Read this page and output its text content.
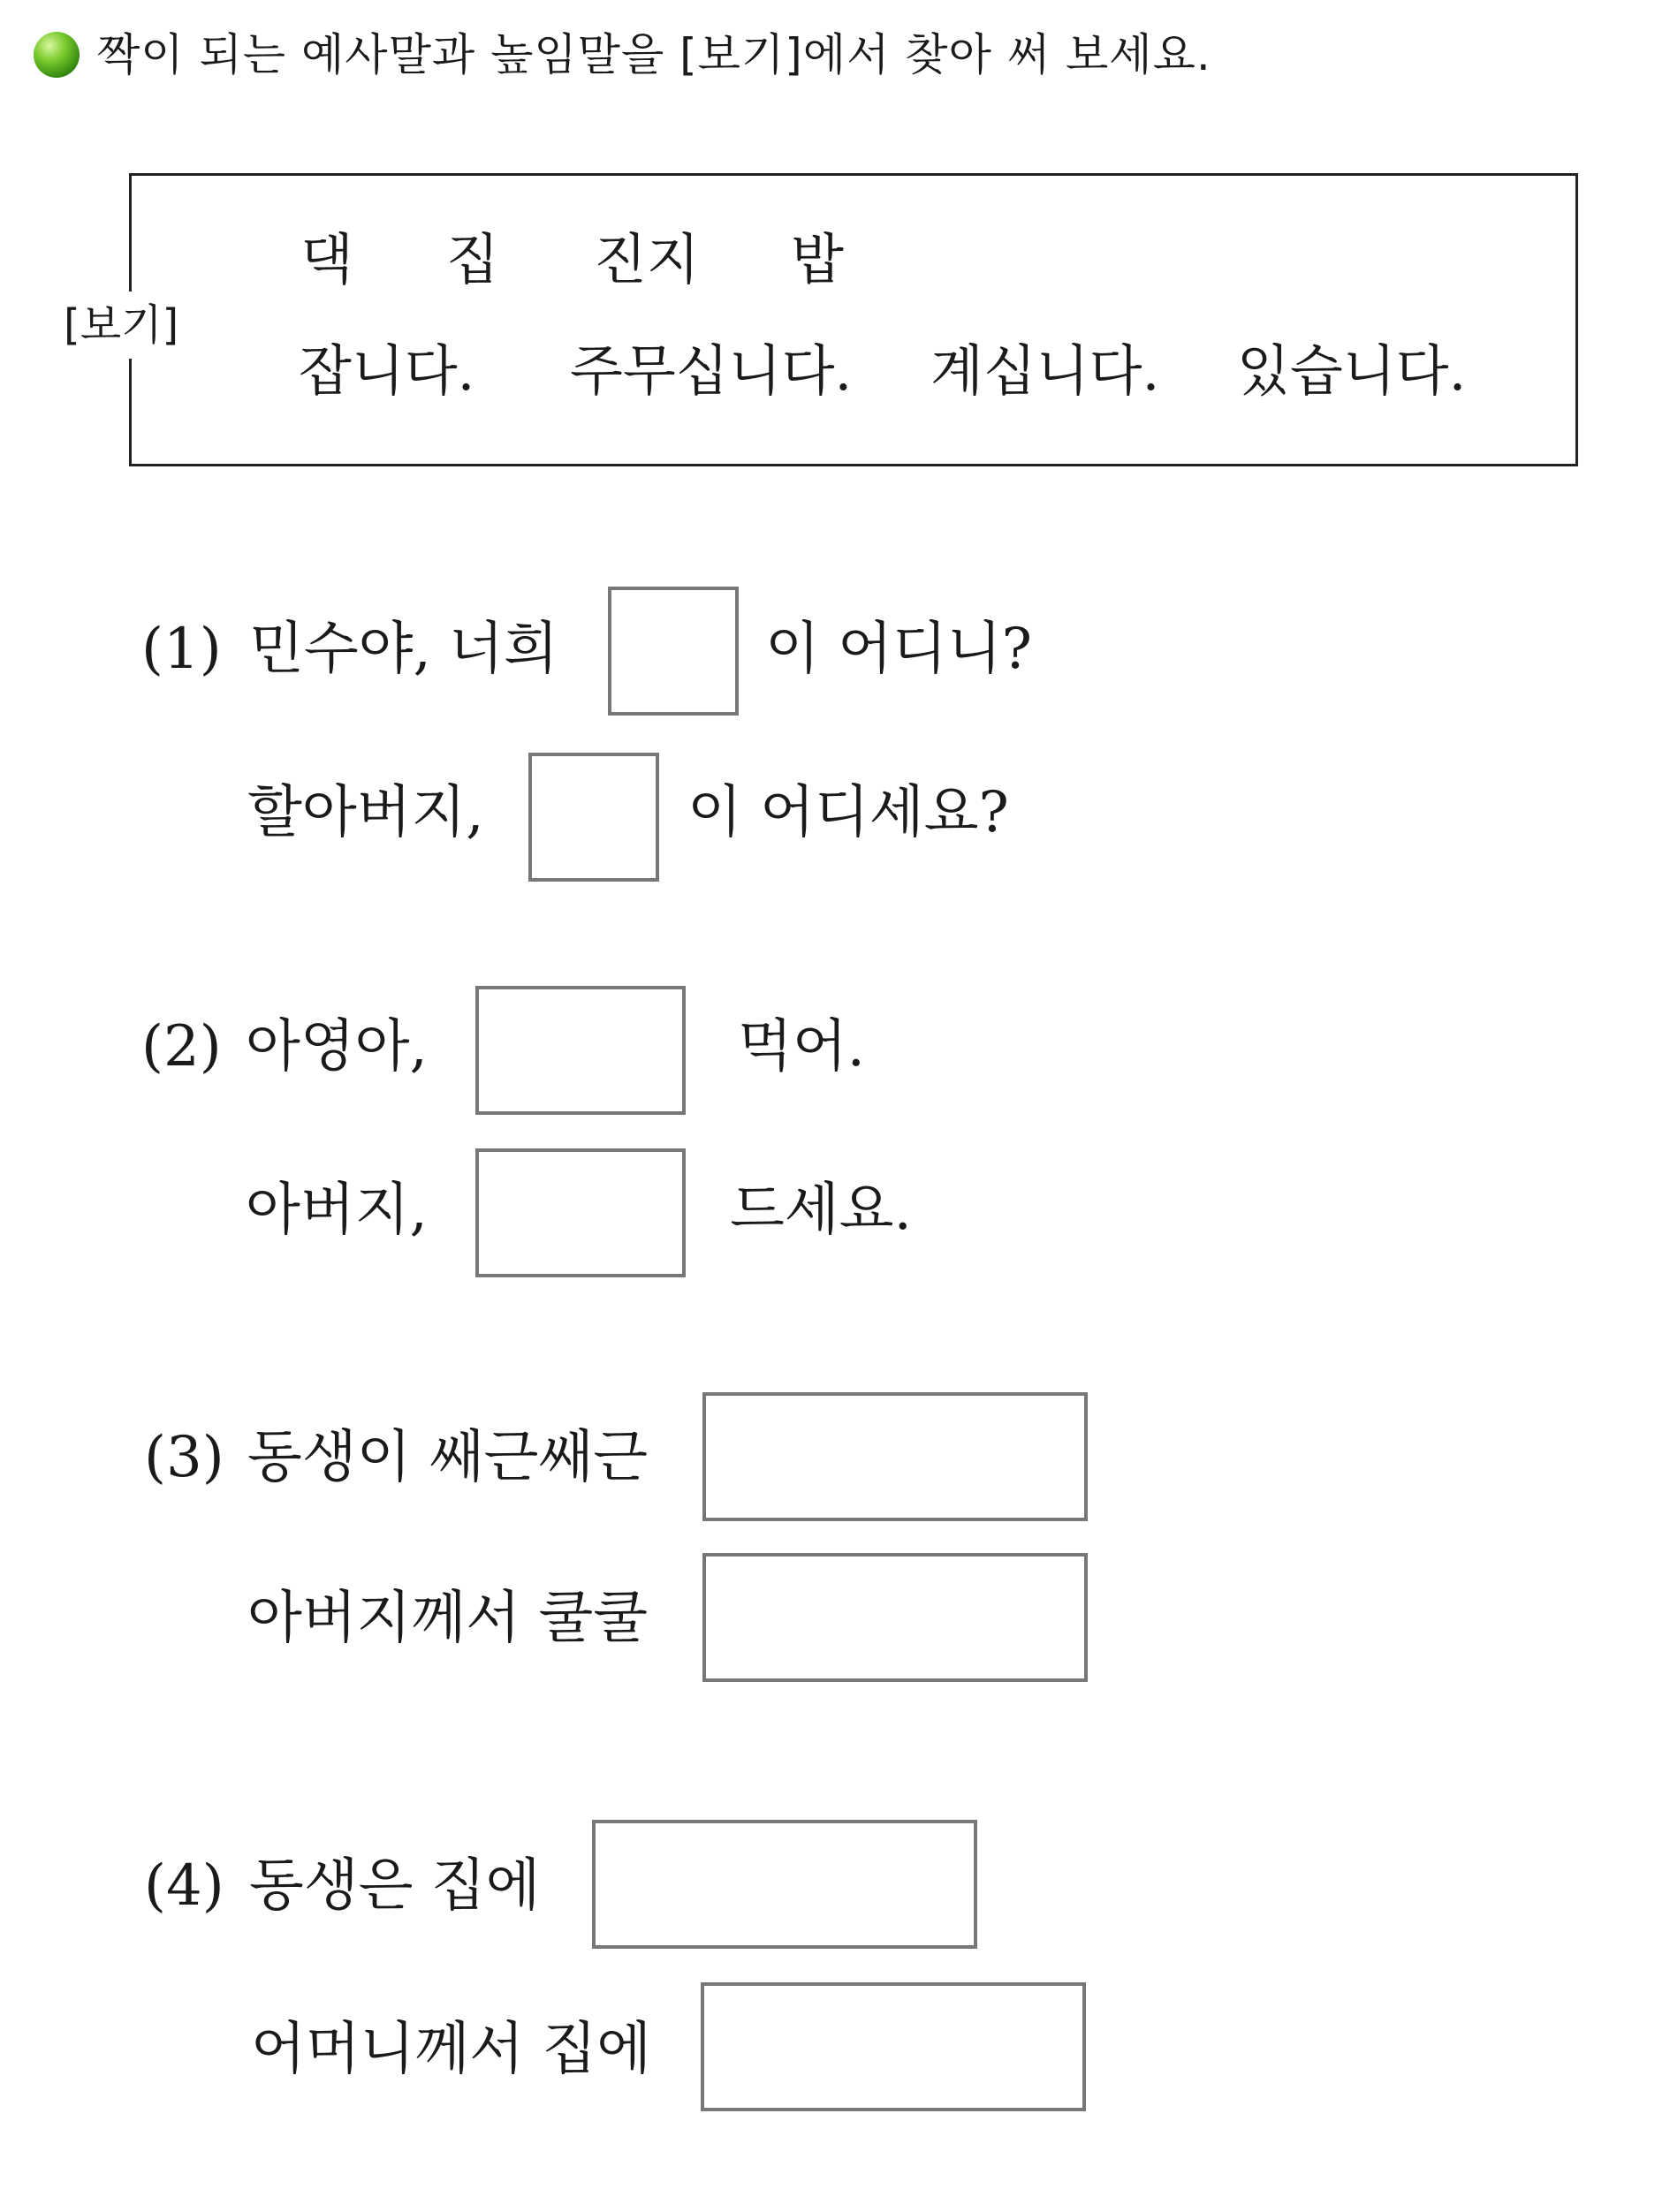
짝이 되는 예사말과 높임말을 [보기]에서 찾아 써 보세요.
[보기]
댁 집 진지 밥
잡니다. 주무십니다. 계십니다. 있습니다.
(1) 민수야, 너희	이 어디니?
할아버지,	이 어디세요?
(2) 아영아,	먹어.
아버지,	드세요.
(3) 동생이 쌔근쌔근
아버지께서 쿨쿨
(4) 동생은 집에
어머니께서 집에
